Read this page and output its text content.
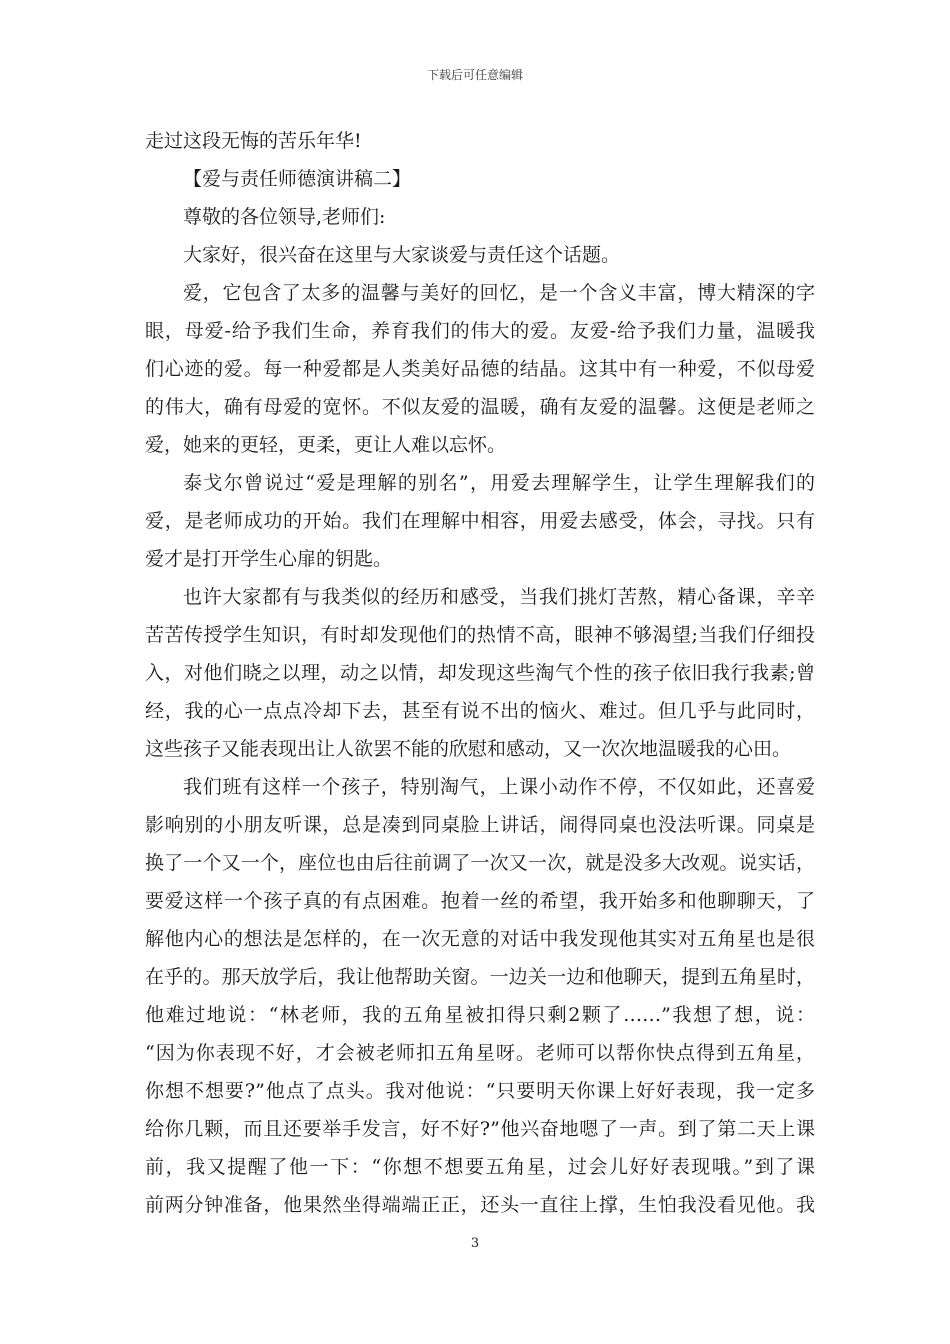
下载后可任意编辑
走过这段无悔的苦乐年华!
【爱与责任师德演讲稿二】
尊敬的各位领导,老师们:
大家好，很兴奋在这里与大家谈爱与责任这个话题。
爱，它包含了太多的温馨与美好的回忆，是一个含义丰富，博大精深的字
眼，母爱-给予我们生命，养育我们的伟大的爱。友爱-给予我们力量，温暖我
们心迹的爱。每一种爱都是人类美好品德的结晶。这其中有一种爱，不似母爱
的伟大，确有母爱的宽怀。不似友爱的温暖，确有友爱的温馨。这便是老师之
爱，她来的更轻，更柔，更让人难以忘怀。
泰戈尔曾说过“爱是理解的别名”，用爱去理解学生，让学生理解我们的
爱，是老师成功的开始。我们在理解中相容，用爱去感受，体会，寻找。只有
爱才是打开学生心扉的钥匙。
也许大家都有与我类似的经历和感受，当我们挑灯苦熬，精心备课，辛辛
苦苦传授学生知识，有时却发现他们的热情不高，眼神不够渴望;当我们仔细投
入，对他们晓之以理，动之以情，却发现这些淘气个性的孩子依旧我行我素;曾
经，我的心一点点冷却下去，甚至有说不出的恼火、难过。但几乎与此同时，
这些孩子又能表现出让人欲罢不能的欣慰和感动，又一次次地温暖我的心田。
我们班有这样一个孩子，特别淘气，上课小动作不停，不仅如此，还喜爱
影响别的小朋友听课，总是凑到同桌脸上讲话，闹得同桌也没法听课。同桌是
换了一个又一个，座位也由后往前调了一次又一次，就是没多大改观。说实话，
要爱这样一个孩子真的有点困难。抱着一丝的希望，我开始多和他聊聊天，了
解他内心的想法是怎样的，在一次无意的对话中我发现他其实对五角星也是很
在乎的。那天放学后，我让他帮助关窗。一边关一边和他聊天，提到五角星时，
他难过地说：“林老师，我的五角星被扣得只剩2颗了……”我想了想，说：
“因为你表现不好，才会被老师扣五角星呀。老师可以帮你快点得到五角星，
你想不想要?”他点了点头。我对他说：“只要明天你课上好好表现，我一定多
给你几颗，而且还要举手发言，好不好?”他兴奋地嗯了一声。到了第二天上课
前，我又提醒了他一下：“你想不想要五角星，过会儿好好表现哦。”到了课
前两分钟准备，他果然坐得端端正正，还头一直往上撑，生怕我没看见他。我
3
